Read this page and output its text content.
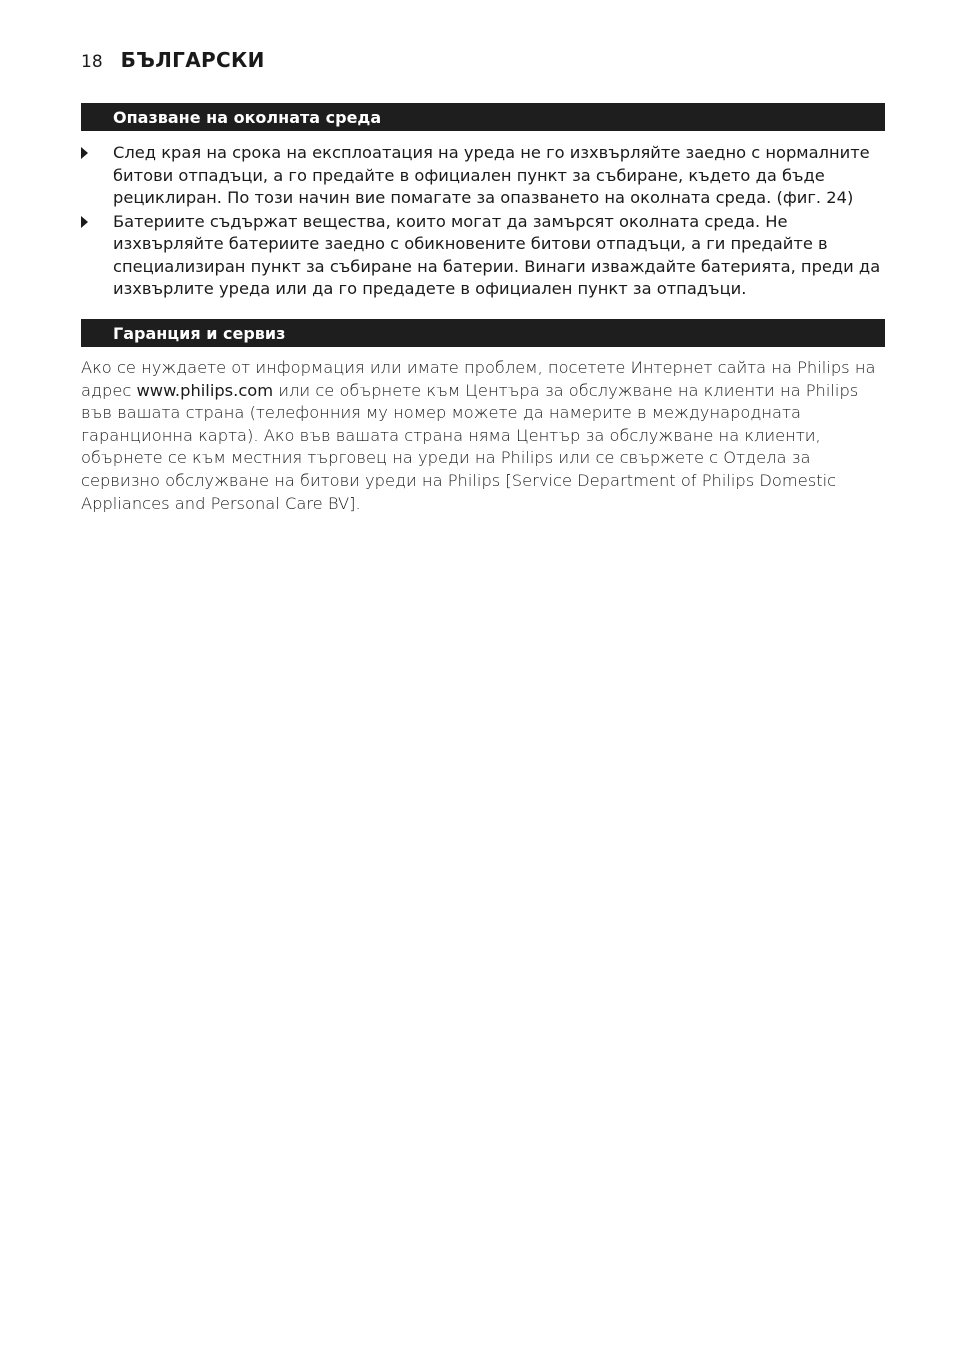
18 БЪЛГАРСКИ
Опазване на околната среда
След края на срока на експлоатация на уреда не го изхвърляйте заедно с нормалните битови отпадъци, а го предайте в официален пункт за събиране, където да бъде рециклиран. По този начин вие помагате за опазването на околната среда. (фиг. 24)
Батериите съдържат вещества, които могат да замърсят околната среда. Не изхвърляйте батериите заедно с обикновените битови отпадъци, а ги предайте в специализиран пункт за събиране на батерии. Винаги изваждайте батерията, преди да изхвърлите уреда или да го предадете в официален пункт за отпадъци.
Гаранция и сервиз

Ако се нуждаете от информация или имате проблем, посетете Интернет сайта на Philips на адрес www.philips.com или се обърнете към Центъра за обслужване на клиенти на Philips във вашата страна (телефонния му номер можете да намерите в международната гаранционна карта). Ако във вашата страна няма Център за обслужване на клиенти, обърнете се към местния търговец на уреди на Philips или се свържете с Отдела за сервизно обслужване на битови уреди на Philips [Service Department of Philips Domestic Appliances and Personal Care BV].
